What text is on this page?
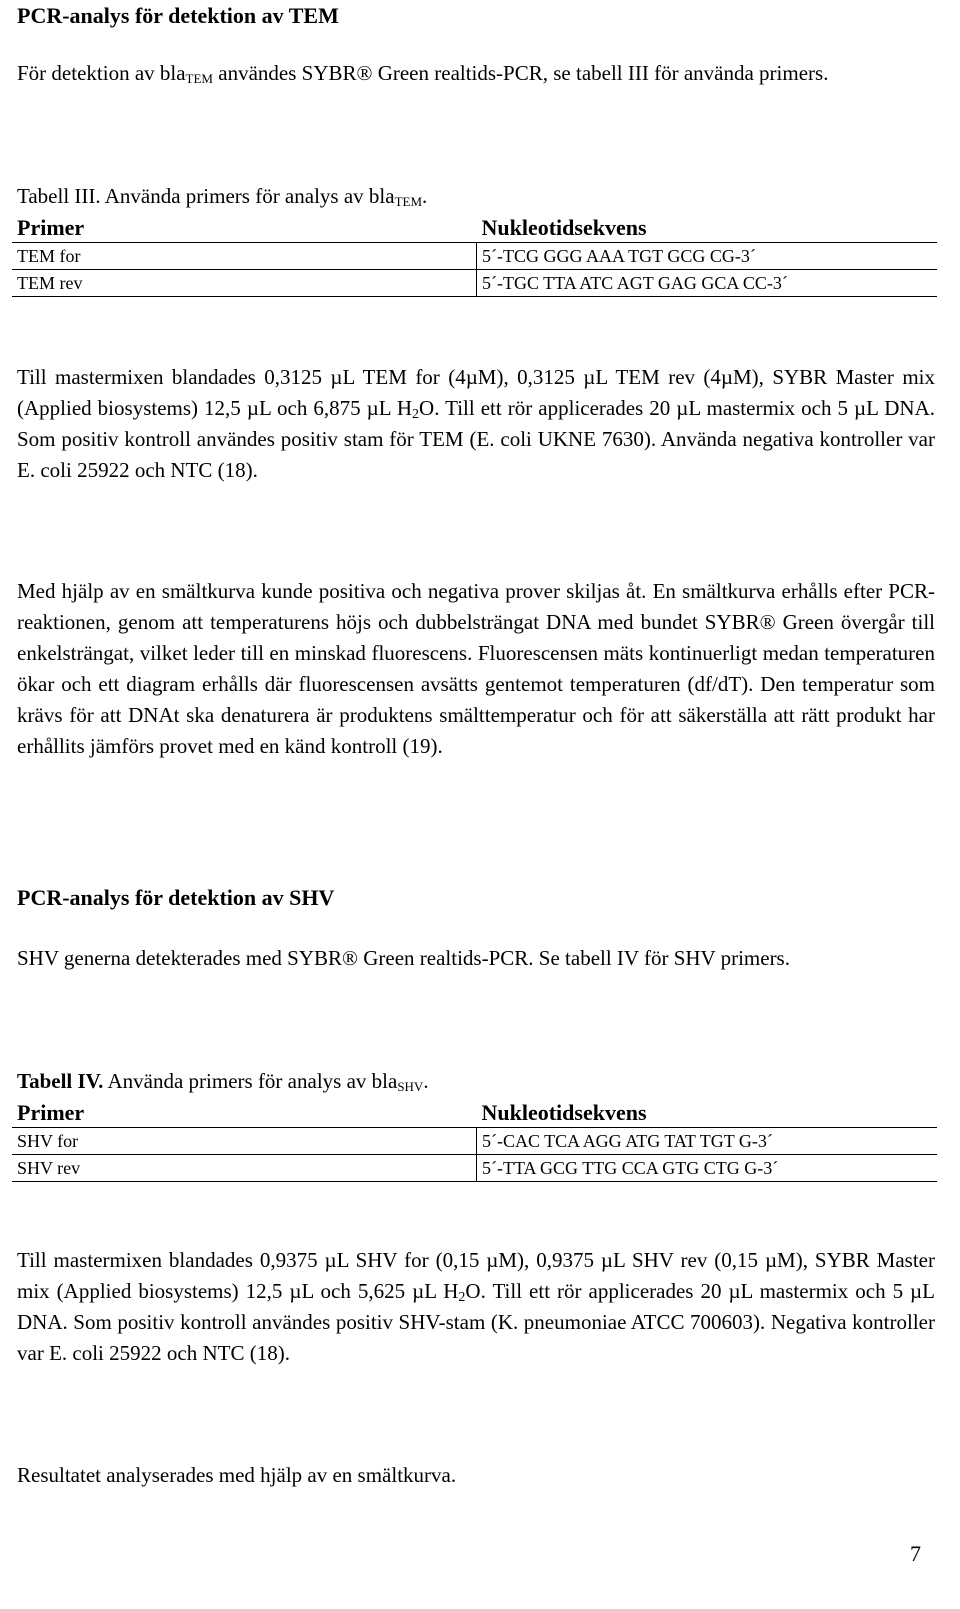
PCR-analys för detektion av TEM

För detektion av bla$_{TEM}$ användes SYBR® Green realtids-PCR, se tabell III för använda primers.

Tabell III. Använda primers för analys av bla$_{TEM}$.

Primer	Nukleotidsekvens
TEM for	5´-TCG GGG AAA TGT GCG CG-3´
TEM rev	5´-TGC TTA ATC AGT GAG GCA CC-3´

Till mastermixen blandades 0,3125 µL TEM for (4µM), 0,3125 µL TEM rev (4µM), SYBR Master mix (Applied biosystems) 12,5 µL och 6,875 µL $H_2O$. Till ett rör applicerades 20 µL mastermix och 5 µL DNA. Som positiv kontroll användes positiv stam för TEM (E. coli UKNE 7630). Använda negativa kontroller var E. coli 25922 och NTC (18).

Med hjälp av en smältkurva kunde positiva och negativa prover skiljas åt. En smältkurva erhålls efter PCR-reaktionen, genom att temperaturens höjs och dubbelsträngat DNA med bundet SYBR® Green övergår till enkelsträngat, vilket leder till en minskad fluorescens. Fluorescensen mäts kontinuerligt medan temperaturen ökar och ett diagram erhålls där fluorescensen avsätts gentemot temperaturen (df/dT). Den temperatur som krävs för att DNAt ska denaturera är produktens smälttemperatur och för att säkerställa att rätt produkt har erhållits jämförs provet med en känd kontroll (19).

PCR-analys för detektion av SHV

SHV generna detekterades med SYBR® Green realtids-PCR. Se tabell IV för SHV primers.

Tabell IV. Använda primers för analys av bla$_{SHV}$.

Primer	Nukleotidsekvens
SHV for	5´-CAC TCA AGG ATG TAT TGT G-3´
SHV rev	5´-TTA GCG TTG CCA GTG CTG G-3´

Till mastermixen blandades 0,9375 µL SHV for (0,15 µM), 0,9375 µL SHV rev (0,15 µM), SYBR Master mix (Applied biosystems) 12,5 µL och 5,625 µL $H_2O$. Till ett rör applicerades 20 µL mastermix och 5 µL DNA. Som positiv kontroll användes positiv SHV-stam (K. pneumoniae ATCC 700603). Negativa kontroller var E. coli 25922 och NTC (18).

Resultatet analyserades med hjälp av en smältkurva.

7
